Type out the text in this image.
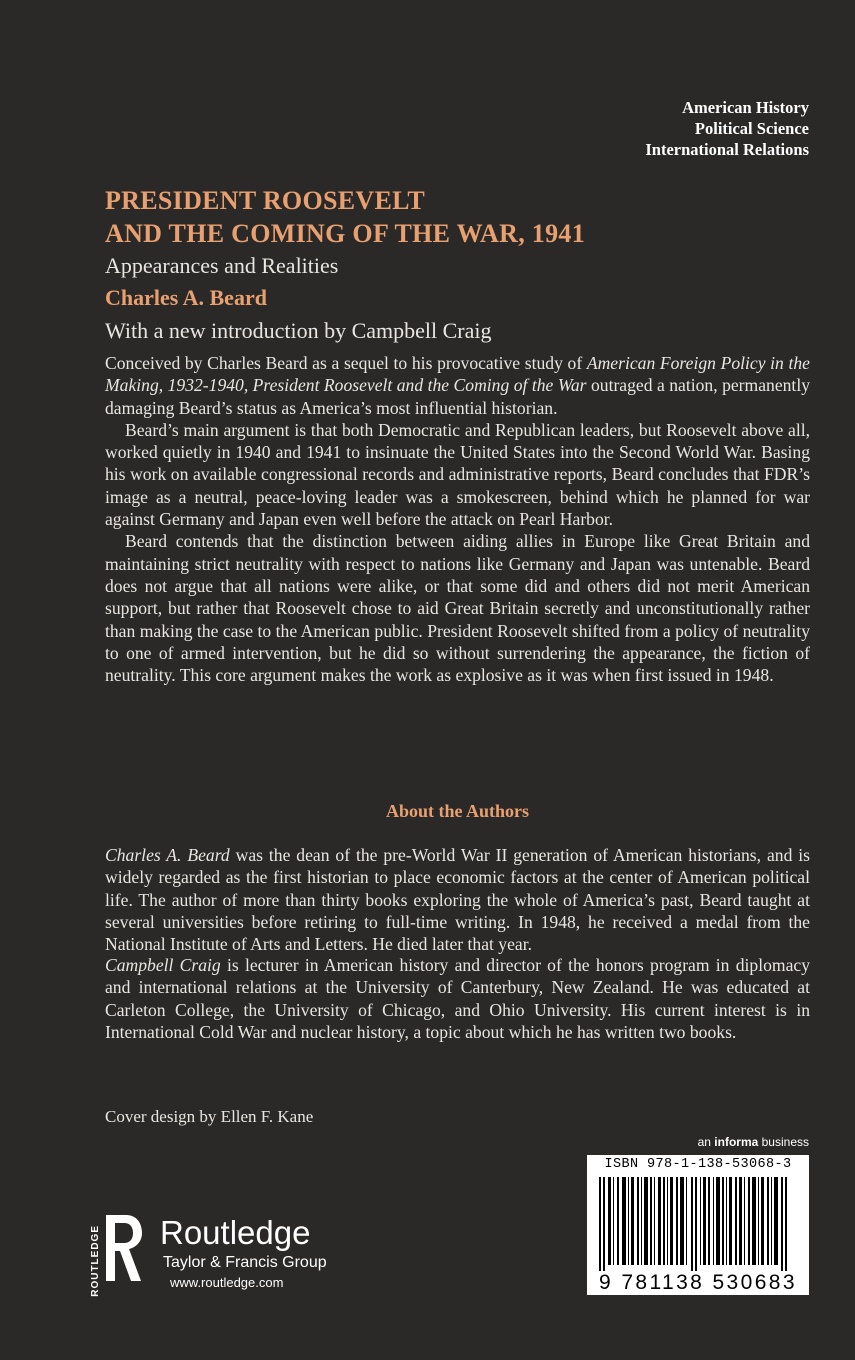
American History
Political Science
International Relations
PRESIDENT ROOSEVELT
AND THE COMING OF THE WAR, 1941
Appearances and Realities
Charles A. Beard
With a new introduction by Campbell Craig

Conceived by Charles Beard as a sequel to his provocative study of American Foreign Policy in the Making, 1932-1940, President Roosevelt and the Coming of the War outraged a nation, permanently damaging Beard’s status as America’s most influential historian.

Beard’s main argument is that both Democratic and Republican leaders, but Roosevelt above all, worked quietly in 1940 and 1941 to insinuate the United States into the Second World War. Basing his work on available congressional records and administrative reports, Beard concludes that FDR’s image as a neutral, peace-loving leader was a smokescreen, behind which he planned for war against Germany and Japan even well before the attack on Pearl Harbor.

Beard contends that the distinction between aiding allies in Europe like Great Britain and maintaining strict neutrality with respect to nations like Germany and Japan was untenable. Beard does not argue that all nations were alike, or that some did and others did not merit American support, but rather that Roosevelt chose to aid Great Britain secretly and unconstitutionally rather than making the case to the American public. President Roosevelt shifted from a policy of neutrality to one of armed intervention, but he did so without surrendering the appearance, the fiction of neutrality. This core argument makes the work as explosive as it was when first issued in 1948.

About the Authors

Charles A. Beard was the dean of the pre-World War II generation of American historians, and is widely regarded as the first historian to place economic factors at the center of American political life. The author of more than thirty books exploring the whole of America’s past, Beard taught at several universities before retiring to full-time writing. In 1948, he received a medal from the National Institute of Arts and Letters. He died later that year.

Campbell Craig is lecturer in American history and director of the honors program in diplomacy and international relations at the University of Canterbury, New Zealand. He was educated at Carleton College, the University of Chicago, and Ohio University. His current interest is in International Cold War and nuclear history, a topic about which he has written two books.

Cover design by Ellen F. Kane
an informa business
ISBN 978-1-138-53068-3
9 781138 530683
ROUTLEDGE Routledge
Taylor & Francis Group
www.routledge.com
